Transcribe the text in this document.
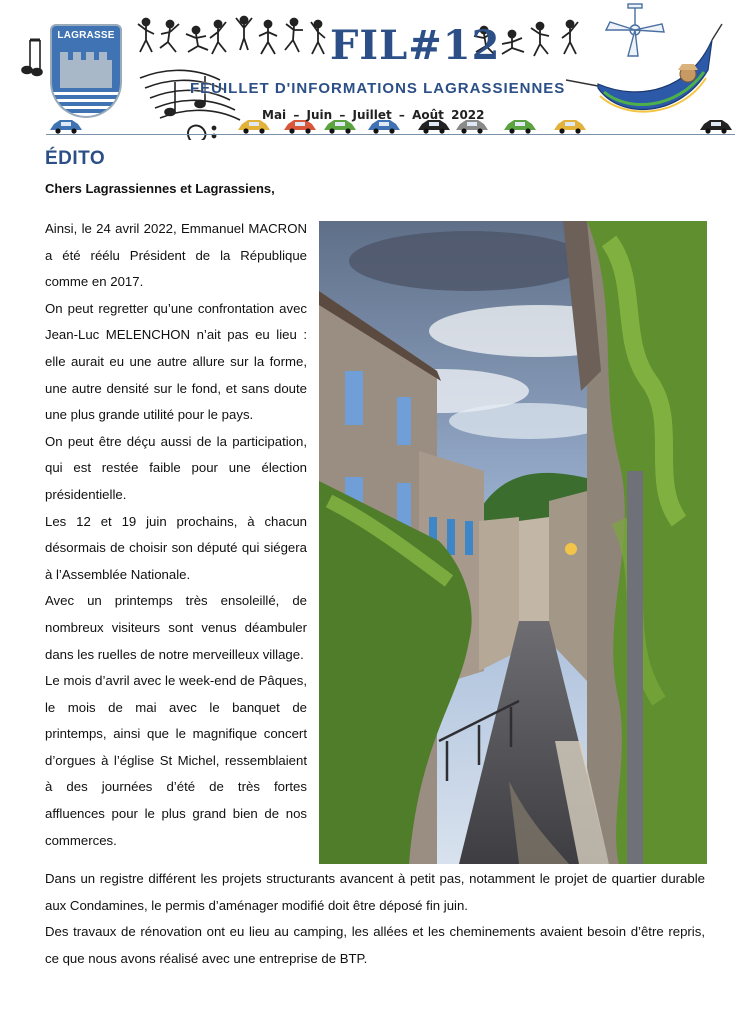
LAGRASSE	FIL#12
FEUILLET D'INFORMATIONS LAGRASSIENNES
Mai – Juin – Juillet – Août 2022
ÉDITO
Chers Lagrassiennes et Lagrassiens,

Ainsi, le 24 avril 2022, Emmanuel MACRON a été réélu Président de la République comme en 2017.

On peut regretter qu’une confrontation avec Jean-Luc MELENCHON n’ait pas eu lieu : elle aurait eu une autre allure sur la forme, une autre densité sur le fond, et sans doute une plus grande utilité pour le pays.

On peut être déçu aussi de la participation, qui est restée faible pour une élection présidentielle.

Les 12 et 19 juin prochains, à chacun désormais de choisir son député qui siégera à l’Assemblée Nationale.

Avec un printemps très ensoleillé, de nombreux visiteurs sont venus déambuler dans les ruelles de notre merveilleux village.

Le mois d’avril avec le week-end de Pâques, le mois de mai avec le banquet de printemps, ainsi que le magnifique concert d’orgues à l’église St Michel, ressemblaient à des journées d’été de très fortes affluences pour le plus grand bien de nos commerces.

Dans un registre différent les projets structurants avancent à petit pas, notamment le projet de quartier durable aux Condamines, le permis d’aménager modifié doit être déposé fin juin.

Des travaux de rénovation ont eu lieu au camping, les allées et les cheminements avaient besoin d’être repris, ce que nous avons réalisé avec une entreprise de BTP.
